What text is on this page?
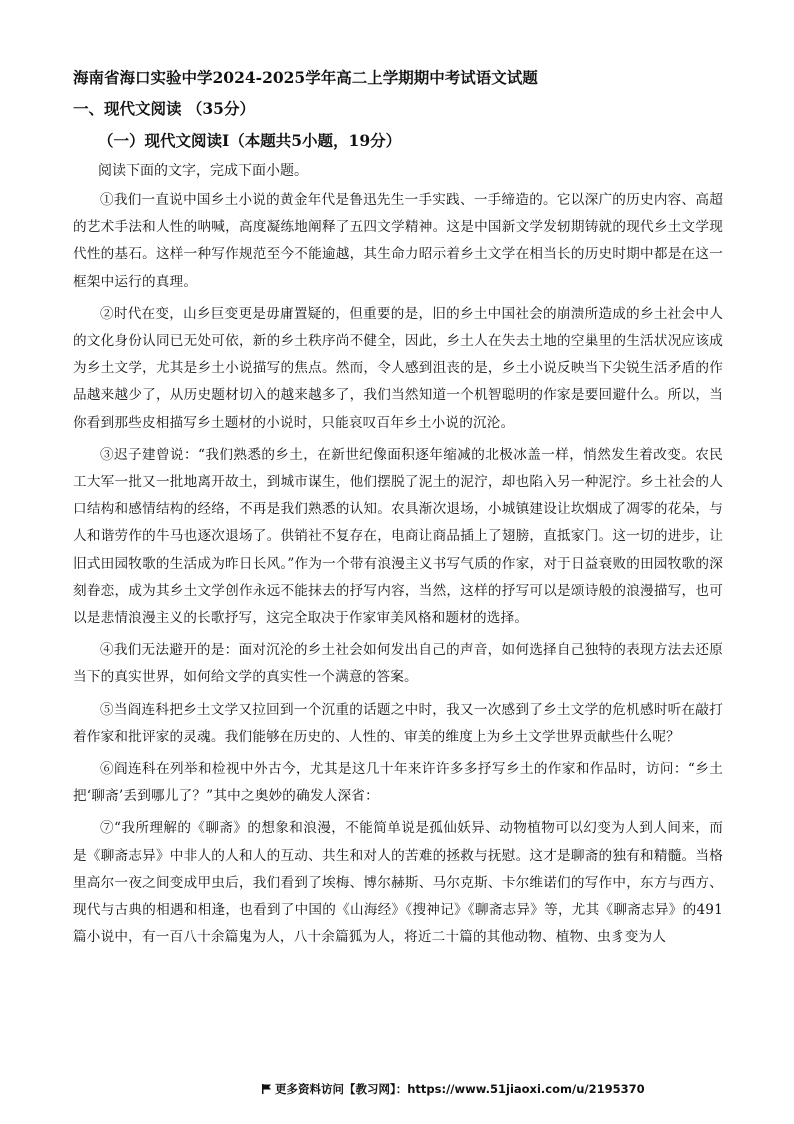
海南省海口实验中学2024-2025学年高二上学期期中考试语文试题
一、现代文阅读 （35分）
（一）现代文阅读Ⅰ（本题共5小题，19分）
阅读下面的文字，完成下面小题。

①我们一直说中国乡土小说的黄金年代是鲁迅先生一手实践、一手缔造的。它以深广的历史内容、高超的艺术手法和人性的呐喊，高度凝练地阐释了五四文学精神。这是中国新文学发轫期铸就的现代乡土文学现代性的基石。这样一种写作规范至今不能逾越，其生命力昭示着乡土文学在相当长的历史时期中都是在这一框架中运行的真理。

②时代在变，山乡巨变更是毋庸置疑的，但重要的是，旧的乡土中国社会的崩溃所造成的乡土社会中人的文化身份认同已无处可依，新的乡土秩序尚不健全，因此，乡土人在失去土地的空巢里的生活状况应该成为乡土文学，尤其是乡土小说描写的焦点。然而，令人感到沮丧的是，乡土小说反映当下尖锐生活矛盾的作品越来越少了，从历史题材切入的越来越多了，我们当然知道一个机智聪明的作家是要回避什么。所以，当你看到那些皮相描写乡土题材的小说时，只能哀叹百年乡土小说的沉沦。

③迟子建曾说：“我们熟悉的乡土，在新世纪像面积逐年缩减的北极冰盖一样，悄然发生着改变。农民工大军一批又一批地离开故土，到城市谋生，他们摆脱了泥土的泥泞，却也陷入另一种泥泞。乡土社会的人口结构和感情结构的经络，不再是我们熟悉的认知。农具渐次退场，小城镇建设让坎烟成了凋零的花朵，与人和谐劳作的牛马也逐次退场了。供销社不复存在，电商让商品插上了翅膀，直抵家门。这一切的进步，让旧式田园牧歌的生活成为昨日长风。”作为一个带有浪漫主义书写气质的作家，对于日益衰败的田园牧歌的深刻眷恋，成为其乡土文学创作永远不能抹去的抒写内容，当然，这样的抒写可以是颂诗般的浪漫描写，也可以是悲情浪漫主义的长歌抒写，这完全取决于作家审美风格和题材的选择。

④我们无法避开的是：面对沉沦的乡土社会如何发出自己的声音，如何选择自己独特的表现方法去还原当下的真实世界，如何给文学的真实性一个满意的答案。

⑤当阎连科把乡土文学又拉回到一个沉重的话题之中时，我又一次感到了乡土文学的危机感时听在敲打着作家和批评家的灵魂。我们能够在历史的、人性的、审美的维度上为乡土文学世界贡献些什么呢？

⑥阎连科在列举和检视中外古今，尤其是这几十年来许许多多抒写乡土的作家和作品时，访问：“乡土把‘聊斋’丢到哪儿了？”其中之奥妙的确发人深省：

⑦“我所理解的《聊斋》的想象和浪漫，不能简单说是孤仙妖异、动物植物可以幻变为人到人间来，而是《聊斋志异》中非人的人和人的互动、共生和对人的苦难的拯救与抚慰。这才是聊斋的独有和精髓。当格里高尔一夜之间变成甲虫后，我们看到了埃梅、博尔赫斯、马尔克斯、卡尔维诺们的写作中，东方与西方、现代与古典的相遇和相逢，也看到了中国的《山海经》《搜神记》《聊斋志异》等，尤其《聊斋志异》的491篇小说中，有一百八十余篇鬼为人，八十余篇狐为人，将近二十篇的其他动物、植物、虫豸变为人

更多资料访问【教习网】：https://www.51jiaoxi.com/u/2195370
